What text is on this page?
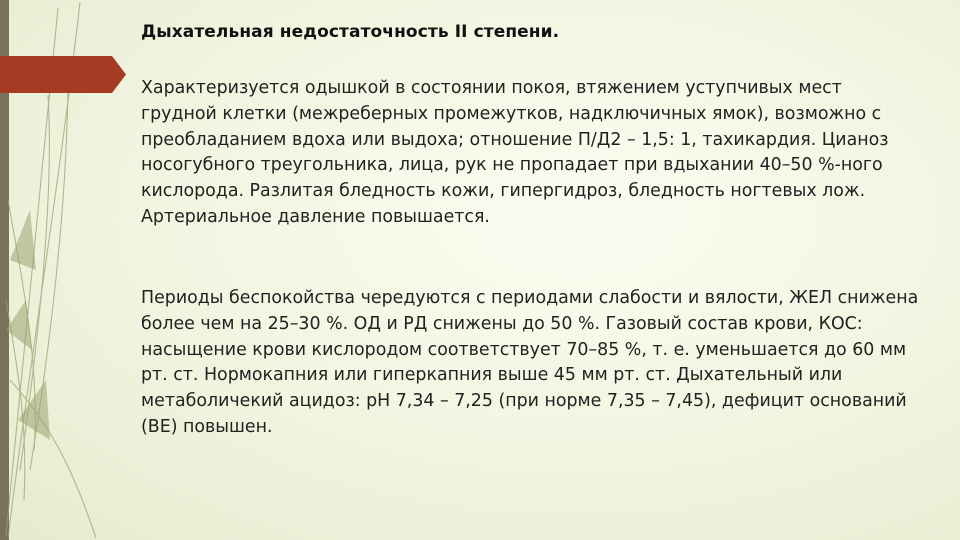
Дыхательная недостаточность II степени.

Характеризуется одышкой в состоянии покоя, втяжением уступчивых мест грудной клетки (межреберных промежутков, надключичных ямок), возможно с преобладанием вдоха или выдоха; отношение П/Д2 – 1,5: 1, тахикардия. Цианоз носогубного треугольника, лица, рук не пропадает при вдыхании 40–50 %-ного кислорода. Разлитая бледность кожи, гипергидроз, бледность ногтевых лож. Артериальное давление повышается.

Периоды беспокойства чередуются с периодами слабости и вялости, ЖЕЛ снижена более чем на 25–30 %. ОД и РД снижены до 50 %. Газовый состав крови, КОС: насыщение крови кислородом соответствует 70–85 %, т. е. уменьшается до 60 мм рт. ст. Нормокапния или гиперкапния выше 45 мм рт. ст. Дыхательный или метаболичекий ацидоз: рН 7,34 – 7,25 (при норме 7,35 – 7,45), дефицит оснований (ВЕ) повышен.
